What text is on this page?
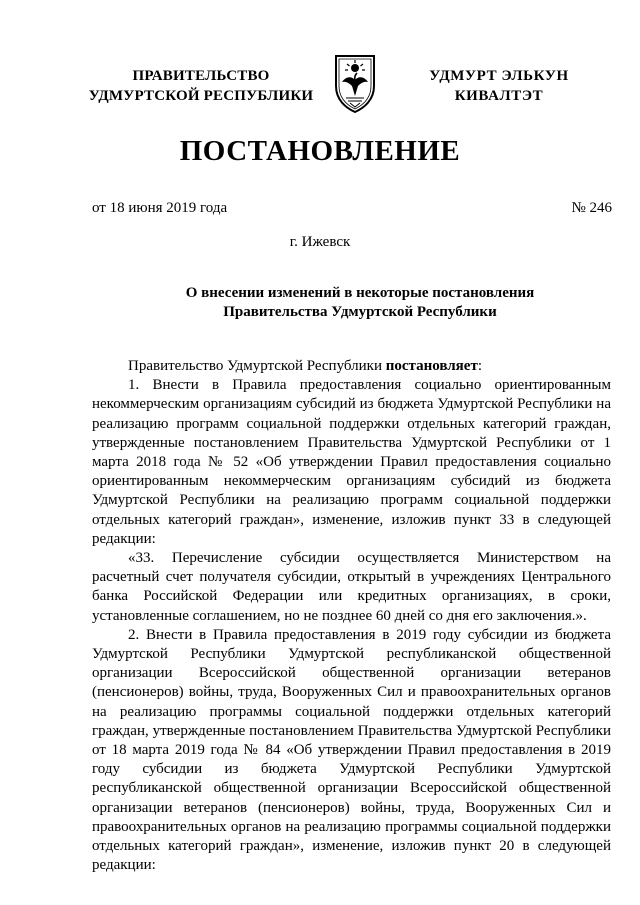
ПРАВИТЕЛЬСТВО
УДМУРТСКОЙ РЕСПУБЛИКИ
УДМУРТ ЭЛЬКУН
КИВАЛТЭТ
ПОСТАНОВЛЕНИЕ
от 18 июня 2019 года	№ 246
г. Ижевск
О внесении изменений в некоторые постановления
Правительства Удмуртской Республики

Правительство Удмуртской Республики постановляет:

1. Внести в Правила предоставления социально ориентированным некоммерческим организациям субсидий из бюджета Удмуртской Республики на реализацию программ социальной поддержки отдельных категорий граждан, утвержденные постановлением Правительства Удмуртской Республики от 1 марта 2018 года № 52 «Об утверждении Правил предоставления социально ориентированным некоммерческим организациям субсидий из бюджета Удмуртской Республики на реализацию программ социальной поддержки отдельных категорий граждан», изменение, изложив пункт 33 в следующей редакции:

«33. Перечисление субсидии осуществляется Министерством на расчетный счет получателя субсидии, открытый в учреждениях Центрального банка Российской Федерации или кредитных организациях, в сроки, установленные соглашением, но не позднее 60 дней со дня его заключения.».

2. Внести в Правила предоставления в 2019 году субсидии из бюджета Удмуртской Республики Удмуртской республиканской общественной организации Всероссийской общественной организации ветеранов (пенсионеров) войны, труда, Вооруженных Сил и правоохранительных органов на реализацию программы социальной поддержки отдельных категорий граждан, утвержденные постановлением Правительства Удмуртской Республики от 18 марта 2019 года № 84 «Об утверждении Правил предоставления в 2019 году субсидии из бюджета Удмуртской Республики Удмуртской республиканской общественной организации Всероссийской общественной организации ветеранов (пенсионеров) войны, труда, Вооруженных Сил и правоохранительных органов на реализацию программы социальной поддержки отдельных категорий граждан», изменение, изложив пункт 20 в следующей редакции:
